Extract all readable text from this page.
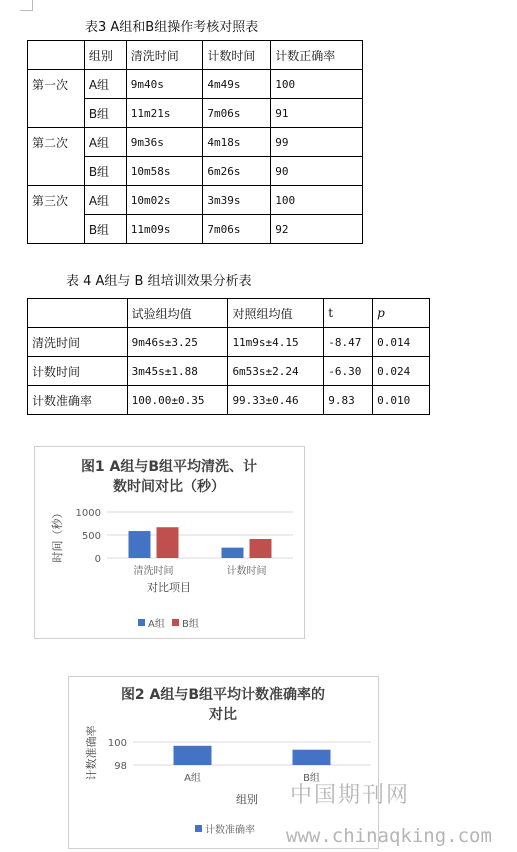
表3 A组和B组操作考核对照表
	组别	清洗时间	计数时间	计数正确率
第一次	A组	9m40s	4m49s	100
	B组	11m21s	7m06s	91
第二次	A组	9m36s	4m18s	99
	B组	10m58s	6m26s	90
第三次	A组	10m02s	3m39s	100
	B组	11m09s	7m06s	92
表 4 A组与 B 组培训效果分析表
	试验组均值	对照组均值	t	p
清洗时间	9m46s±3.25	11m9s±4.15	-8.47	0.014
计数时间	3m45s±1.88	6m53s±2.24	-6.30	0.024
计数准确率	100.00±0.35	99.33±0.46	9.83	0.010
图1 A组与B组平均清洗、计
数时间对比（秒）
时间（秒）
对比项目
0
500
1000
清洗时间	计数时间
A组 B组
图2 A组与B组平均计数准确率的
对比
计数准确率
组别
98
100
A组	B组
计数准确率
中国期刊网
www.chinaqking.com
